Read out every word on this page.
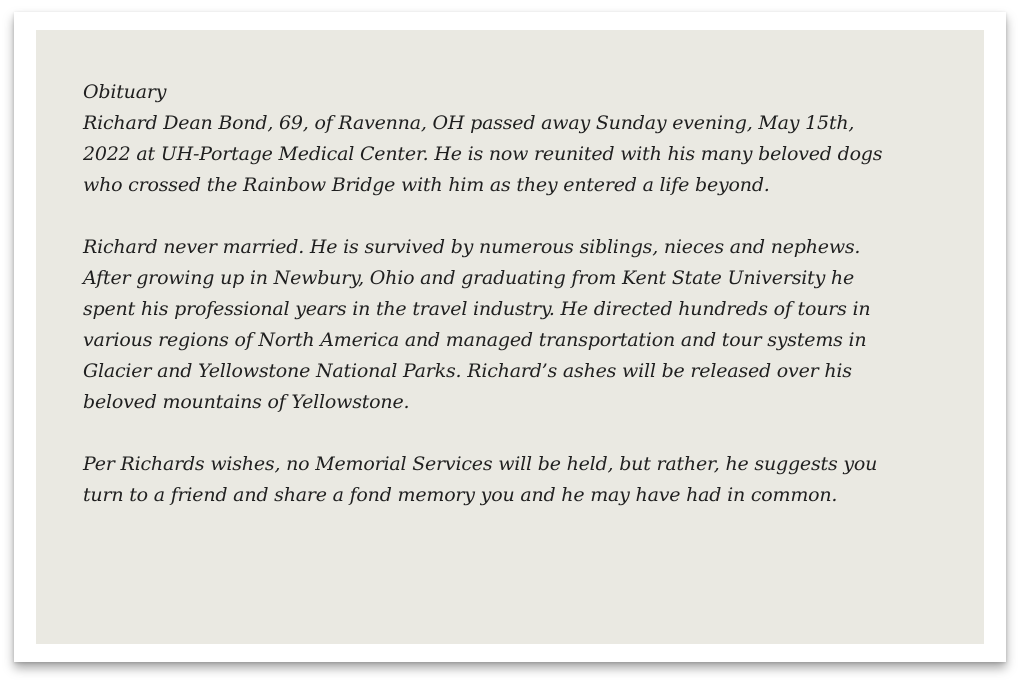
Obituary
Richard Dean Bond, 69, of Ravenna, OH passed away Sunday evening, May 15th,
2022 at UH-Portage Medical Center. He is now reunited with his many beloved dogs
who crossed the Rainbow Bridge with him as they entered a life beyond.
Richard never married. He is survived by numerous siblings, nieces and nephews.
After growing up in Newbury, Ohio and graduating from Kent State University he
spent his professional years in the travel industry. He directed hundreds of tours in
various regions of North America and managed transportation and tour systems in
Glacier and Yellowstone National Parks. Richard’s ashes will be released over his
beloved mountains of Yellowstone.
Per Richards wishes, no Memorial Services will be held, but rather, he suggests you
turn to a friend and share a fond memory you and he may have had in common.
